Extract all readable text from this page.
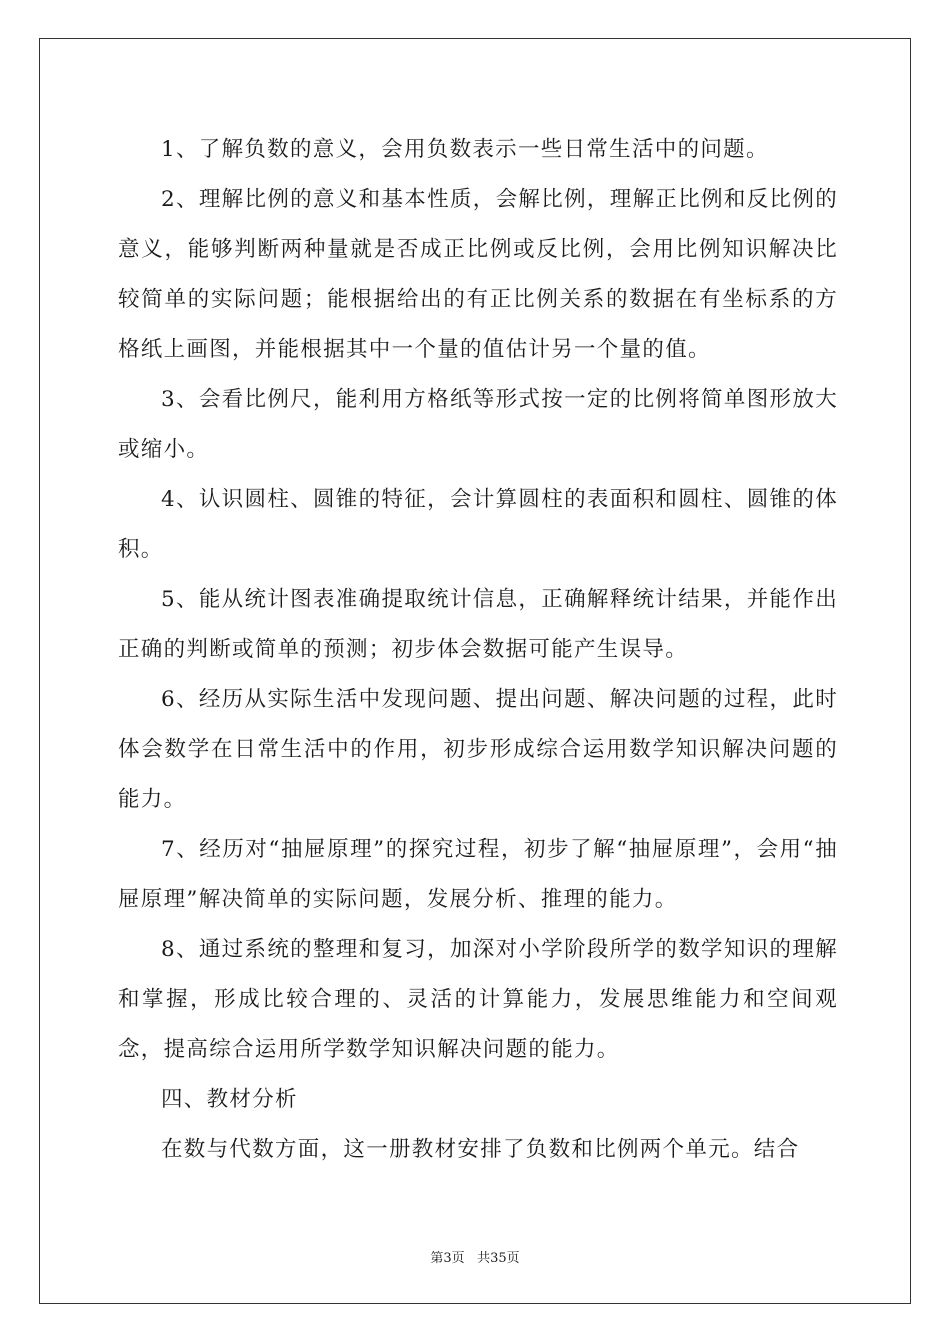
1、了解负数的意义，会用负数表示一些日常生活中的问题。

2、理解比例的意义和基本性质，会解比例，理解正比例和反比例的意义，能够判断两种量就是否成正比例或反比例，会用比例知识解决比较简单的实际问题；能根据给出的有正比例关系的数据在有坐标系的方格纸上画图，并能根据其中一个量的值估计另一个量的值。

3、会看比例尺，能利用方格纸等形式按一定的比例将简单图形放大或缩小。

4、认识圆柱、圆锥的特征，会计算圆柱的表面积和圆柱、圆锥的体积。

5、能从统计图表准确提取统计信息，正确解释统计结果，并能作出正确的判断或简单的预测；初步体会数据可能产生误导。

6、经历从实际生活中发现问题、提出问题、解决问题的过程，此时体会数学在日常生活中的作用，初步形成综合运用数学知识解决问题的能力。

7、经历对“抽屉原理”的探究过程，初步了解“抽屉原理”，会用“抽屉原理”解决简单的实际问题，发展分析、推理的能力。

8、通过系统的整理和复习，加深对小学阶段所学的数学知识的理解和掌握，形成比较合理的、灵活的计算能力，发展思维能力和空间观念，提高综合运用所学数学知识解决问题的能力。

四、教材分析

在数与代数方面，这一册教材安排了负数和比例两个单元。结合

第3页 共35页
